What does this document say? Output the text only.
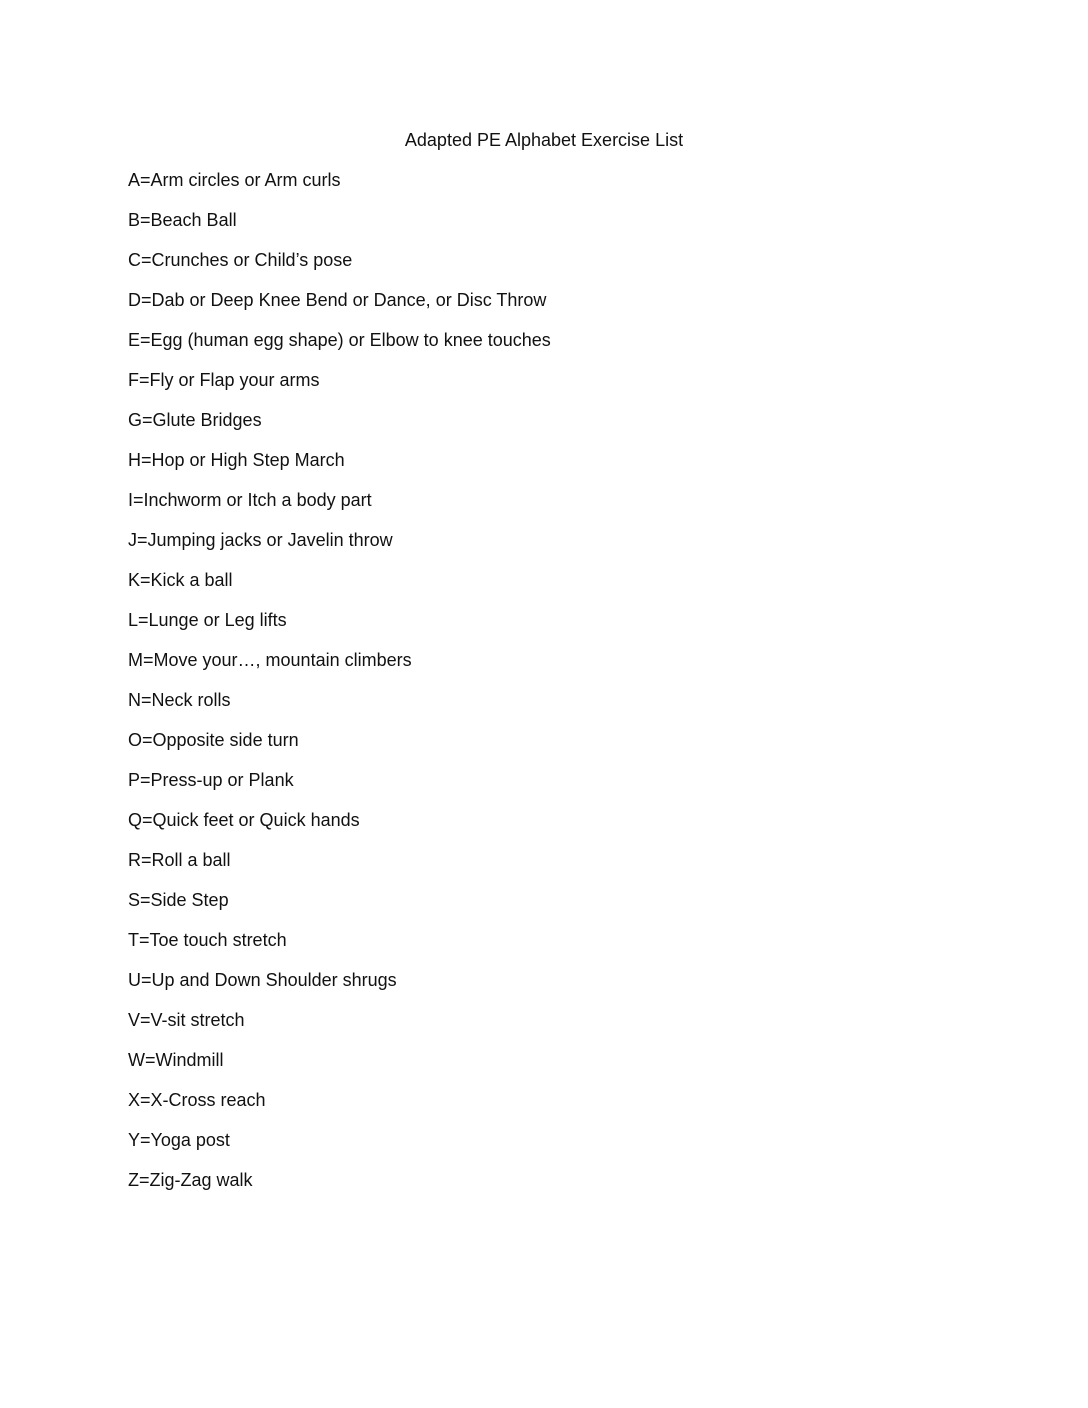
Adapted PE Alphabet Exercise List
A=Arm circles or Arm curls
B=Beach Ball
C=Crunches or Child’s pose
D=Dab or Deep Knee Bend or Dance, or Disc Throw
E=Egg (human egg shape) or Elbow to knee touches
F=Fly or Flap your arms
G=Glute Bridges
H=Hop or High Step March
I=Inchworm or Itch a body part
J=Jumping jacks or Javelin throw
K=Kick a ball
L=Lunge or Leg lifts
M=Move your…, mountain climbers
N=Neck rolls
O=Opposite side turn
P=Press-up or Plank
Q=Quick feet or Quick hands
R=Roll a ball
S=Side Step
T=Toe touch stretch
U=Up and Down Shoulder shrugs
V=V-sit stretch
W=Windmill
X=X-Cross reach
Y=Yoga post
Z=Zig-Zag walk
